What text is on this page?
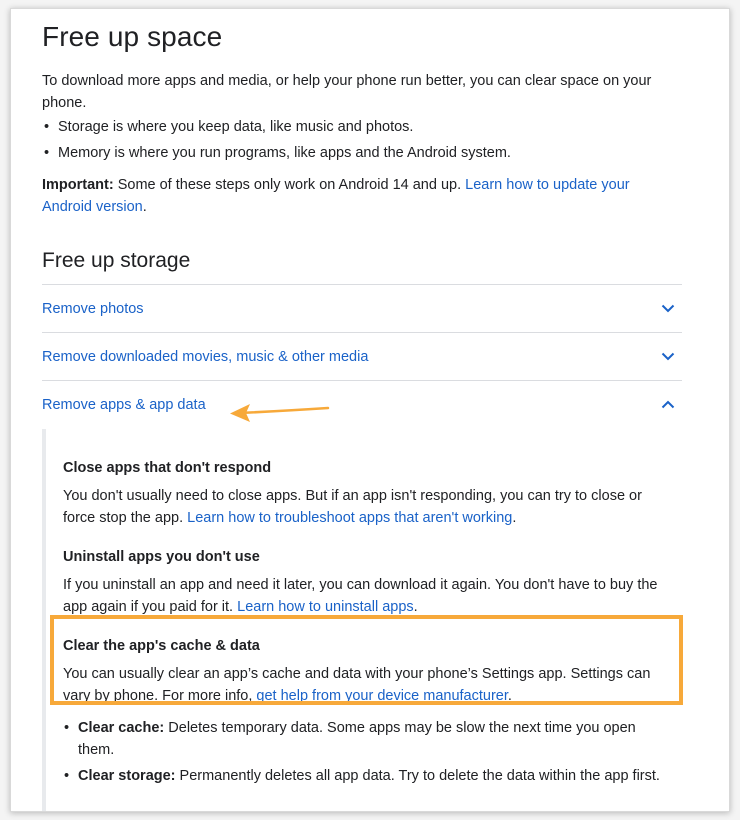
Free up space
To download more apps and media, or help your phone run better, you can clear space on your phone.
• Storage is where you keep data, like music and photos.
• Memory is where you run programs, like apps and the Android system.
Important: Some of these steps only work on Android 14 and up. Learn how to update your Android version.
Free up storage
Remove photos
Remove downloaded movies, music & other media
Remove apps & app data
Close apps that don't respond
You don't usually need to close apps. But if an app isn't responding, you can try to close or force stop the app. Learn how to troubleshoot apps that aren't working.
Uninstall apps you don't use
If you uninstall an app and need it later, you can download it again. You don't have to buy the app again if you paid for it. Learn how to uninstall apps.
Clear the app's cache & data
You can usually clear an app’s cache and data with your phone’s Settings app. Settings can vary by phone. For more info, get help from your device manufacturer.
• Clear cache: Deletes temporary data. Some apps may be slow the next time you open them.
• Clear storage: Permanently deletes all app data. Try to delete the data within the app first.
